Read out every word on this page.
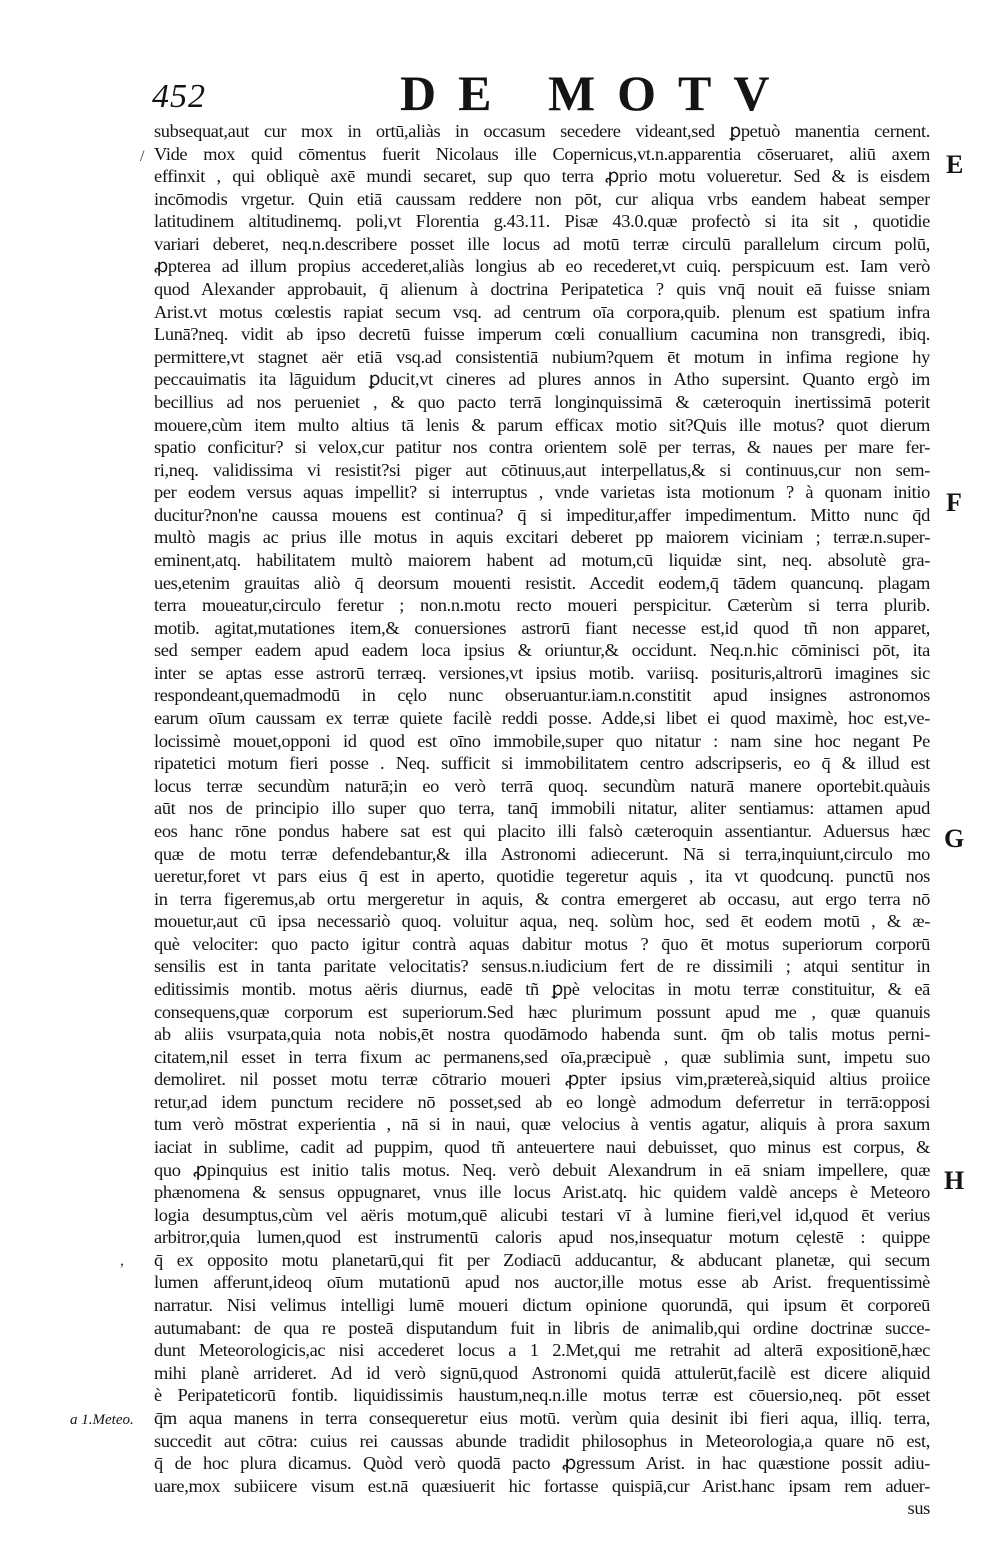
452	DE MOTV
subsequat,aut cur mox in ortū,aliàs in occasum secedere videant,sed ꝑpetuò manentia cernent.
Vide mox quid cōmentus fuerit Nicolaus ille Copernicus,vt.n.apparentia cōseruaret, aliū axem
effinxit , qui obliquè axē mundi secaret, sup quo terra ꝓprio motu volueretur. Sed & is eisdem
incōmodis vrgetur. Quin etiā caussam reddere non pōt, cur aliqua vrbs eandem habeat semper
latitudinem altitudinemq. poli,vt Florentia g.43.11. Pisæ 43.0.quæ profectò si ita sit , quotidie
variari deberet, neq.n.describere posset ille locus ad motū terræ circulū parallelum circum polū,
ꝓpterea ad illum propius accederet,aliàs longius ab eo recederet,vt cuiq. perspicuum est. Iam verò
quod Alexander approbauit, q̄ alienum à doctrina Peripatetica ? quis vnq̄ nouit eā fuisse sniam
Arist.vt motus cœlestis rapiat secum vsq. ad centrum oīa corpora,quib. plenum est spatium infra
Lunā?neq. vidit ab ipso decretū fuisse imperum cœli conuallium cacumina non transgredi, ibiq.
permittere,vt stagnet aër etiā vsq.ad consistentiā nubium?quem ēt motum in infima regione hy
peccauimatis ita lāguidum ꝑducit,vt cineres ad plures annos in Atho supersint. Quanto ergò im
becillius ad nos perueniet , & quo pacto terrā longinquissimā & cæteroquin inertissimā poterit
mouere,cùm item multo altius tā lenis & parum efficax motio sit?Quis ille motus? quot dierum
spatio conficitur? si velox,cur patitur nos contra orientem solē per terras, & naues per mare fer-
ri,neq. validissima vi resistit?si piger aut cōtinuus,aut interpellatus,& si continuus,cur non sem-
per eodem versus aquas impellit? si interruptus , vnde varietas ista motionum ? à quonam initio
ducitur?non'ne caussa mouens est continua? q̄ si impeditur,affer impedimentum. Mitto nunc q̄d
multò magis ac prius ille motus in aquis excitari deberet pp maiorem viciniam ; terræ.n.super-
eminent,atq. habilitatem multò maiorem habent ad motum,cū liquidæ sint, neq. absolutè gra-
ues,etenim grauitas aliò q̄ deorsum mouenti resistit. Accedit eodem,q̄ tādem quancunq. plagam
terra moueatur,circulo feretur ; non.n.motu recto moueri perspicitur. Cæterùm si terra plurib.
motib. agitat,mutationes item,& conuersiones astrorū fiant necesse est,id quod tñ non apparet,
sed semper eadem apud eadem loca ipsius & oriuntur,& occidunt. Neq.n.hic cōminisci pōt, ita
inter se aptas esse astrorū terræq. versiones,vt ipsius motib. variisq. posituris,altrorū imagines sic
respondeant,quemadmodū in cęlo nunc obseruantur.iam.n.constitit apud insignes astronomos
earum oīum caussam ex terræ quiete facilè reddi posse. Adde,si libet ei quod maximè, hoc est,ve-
locissimè mouet,opponi id quod est oīno immobile,super quo nitatur : nam sine hoc negant Pe
ripatetici motum fieri posse . Neq. sufficit si immobilitatem centro adscripseris, eo q̄ & illud est
locus terræ secundùm naturā;in eo verò terrā quoq. secundùm naturā manere oportebit.quàuis
aūt nos de principio illo super quo terra, tanq̄ immobili nitatur, aliter sentiamus: attamen apud
eos hanc rōne pondus habere sat est qui placito illi falsò cæteroquin assentiantur. Aduersus hæc
quæ de motu terræ defendebantur,& illa Astronomi adiecerunt. Nā si terra,inquiunt,circulo mo
ueretur,foret vt pars eius q̄ est in aperto, quotidie tegeretur aquis , ita vt quodcunq. punctū nos
in terra figeremus,ab ortu mergeretur in aquis, & contra emergeret ab occasu, aut ergo terra nō
mouetur,aut cū ipsa necessariò quoq. voluitur aqua, neq. solùm hoc, sed ēt eodem motū , & æ-
què velociter: quo pacto igitur contrà aquas dabitur motus ? q̄uo ēt motus superiorum corporū
sensilis est in tanta paritate velocitatis? sensus.n.iudicium fert de re dissimili ; atqui sentitur in
editissimis montib. motus aëris diurnus, eadē tñ ꝑpè velocitas in motu terræ constituitur, & eā
consequens,quæ corporum est superiorum.Sed hæc plurimum possunt apud me , quæ quanuis
ab aliis vsurpata,quia nota nobis,ēt nostra quodāmodo habenda sunt. q̄m ob talis motus perni-
citatem,nil esset in terra fixum ac permanens,sed oīa,præcipuè , quæ sublimia sunt, impetu suo
demoliret. nil posset motu terræ cōtrario moueri ꝓpter ipsius vim,prætereà,siquid altius proiice
retur,ad idem punctum recidere nō posset,sed ab eo longè admodum deferretur in terrā:opposi
tum verò mōstrat experientia , nā si in naui, quæ velocius à ventis agatur, aliquis à prora saxum
iaciat in sublime, cadit ad puppim, quod tñ anteuertere naui debuisset, quo minus est corpus, &
quo ꝓpinquius est initio talis motus. Neq. verò debuit Alexandrum in eā sniam impellere, quæ
phænomena & sensus oppugnaret, vnus ille locus Arist.atq. hic quidem valdè anceps è Meteoro
logia desumptus,cùm vel aëris motum,quē alicubi testari vī à lumine fieri,vel id,quod ēt verius
arbitror,quia lumen,quod est instrumentū caloris apud nos,insequatur motum cęlestē : quippe
q̄ ex opposito motu planetarū,qui fit per Zodiacū adducantur, & abducant planetæ, qui secum
lumen afferunt,ideoq oīum mutationū apud nos auctor,ille motus esse ab Arist. frequentissimè
narratur. Nisi velimus intelligi lumē moueri dictum opinione quorundā, qui ipsum ēt corporeū
autumabant: de qua re posteā disputandum fuit in libris de animalib,qui ordine doctrinæ succe-
dunt Meteorologicis,ac nisi accederet locus a 1 2.Met,qui me retrahit ad alterā expositionē,hæc
mihi planè arrideret. Ad id verò signū,quod Astronomi quidā attulerūt,facilè est dicere aliquid
è Peripateticorū fontib. liquidissimis haustum,neq.n.ille motus terræ est cōuersio,neq. pōt esset
q̄m aqua manens in terra consequeretur eius motū. verùm quia desinit ibi fieri aqua, illiq. terra,
succedit aut cōtra: cuius rei caussas abunde tradidit philosophus in Meteorologia,a quare nō est,
q̄ de hoc plura dicamus. Quòd verò quodā pacto ꝓgressum Arist. in hac quæstione possit adiu-
uare,mox subiicere visum est.nā quæsiuerit hic fortasse quispiā,cur Arist.hanc ipsam rem aduer-
sus
E
F
G
H
a 1.Meteo.
/
,
